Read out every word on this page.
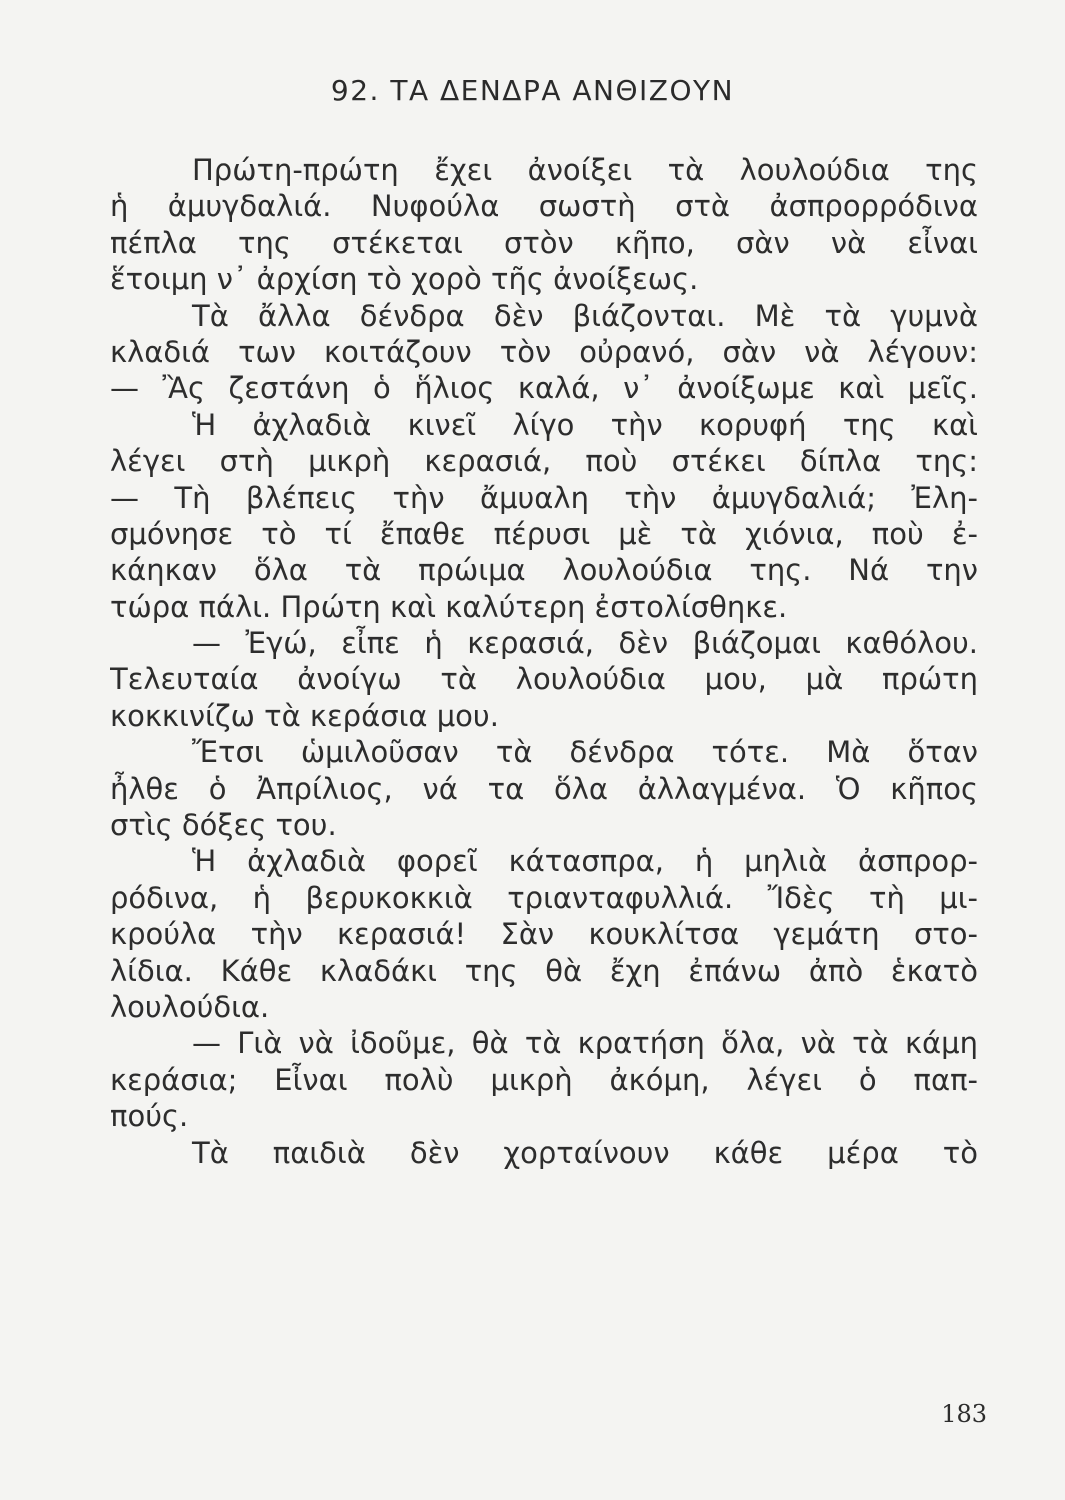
92. ΤΑ ΔΕΝΔΡΑ ΑΝΘΙΖΟΥΝ
Πρώτη-πρώτη ἔχει ἀνοίξει τὰ λουλούδια της
ἡ ἀμυγδαλιά. Νυφούλα σωστὴ στὰ ἀσπρορρόδινα
πέπλα της στέκεται στὸν κῆπο, σὰν νὰ εἶναι
ἕτοιμη ν᾽ ἀρχίση τὸ χορὸ τῆς ἀνοίξεως.
Τὰ ἄλλα δένδρα δὲν βιάζονται. Μὲ τὰ γυμνὰ
κλαδιά των κοιτάζουν τὸν οὐρανό, σὰν νὰ λέγουν:
— Ἂς ζεστάνη ὁ ἥλιος καλά, ν᾽ ἀνοίξωμε καὶ μεῖς.
Ἡ ἀχλαδιὰ κινεῖ λίγο τὴν κορυφή της καὶ
λέγει στὴ μικρὴ κερασιά, ποὺ στέκει δίπλα της:
— Τὴ βλέπεις τὴν ἄμυαλη τὴν ἀμυγδαλιά; Ἐλη-
σμόνησε τὸ τί ἔπαθε πέρυσι μὲ τὰ χιόνια, ποὺ ἐ-
κάηκαν ὅλα τὰ πρώιμα λουλούδια της. Νά την
τώρα πάλι. Πρώτη καὶ καλύτερη ἐστολίσθηκε.
— Ἐγώ, εἶπε ἡ κερασιά, δὲν βιάζομαι καθόλου.
Τελευταία ἀνοίγω τὰ λουλούδια μου, μὰ πρώτη
κοκκινίζω τὰ κεράσια μου.
Ἔτσι ὡμιλοῦσαν τὰ δένδρα τότε. Μὰ ὅταν
ἦλθε ὁ Ἀπρίλιος, νά τα ὅλα ἀλλαγμένα. Ὁ κῆπος
στὶς δόξες του.
Ἡ ἀχλαδιὰ φορεῖ κάτασπρα, ἡ μηλιὰ ἀσπρορ-
ρόδινα, ἡ βερυκοκκιὰ τριανταφυλλιά. Ἴδὲς τὴ μι-
κρούλα τὴν κερασιά! Σὰν κουκλίτσα γεμάτη στο-
λίδια. Κάθε κλαδάκι της θὰ ἔχη ἐπάνω ἀπὸ ἑκατὸ
λουλούδια.
— Γιὰ νὰ ἰδοῦμε, θὰ τὰ κρατήση ὅλα, νὰ τὰ κάμη
κεράσια; Εἶναι πολὺ μικρὴ ἀκόμη, λέγει ὁ παπ-
πούς.
Τὰ παιδιὰ δὲν χορταίνουν κάθε μέρα τὸ
183
